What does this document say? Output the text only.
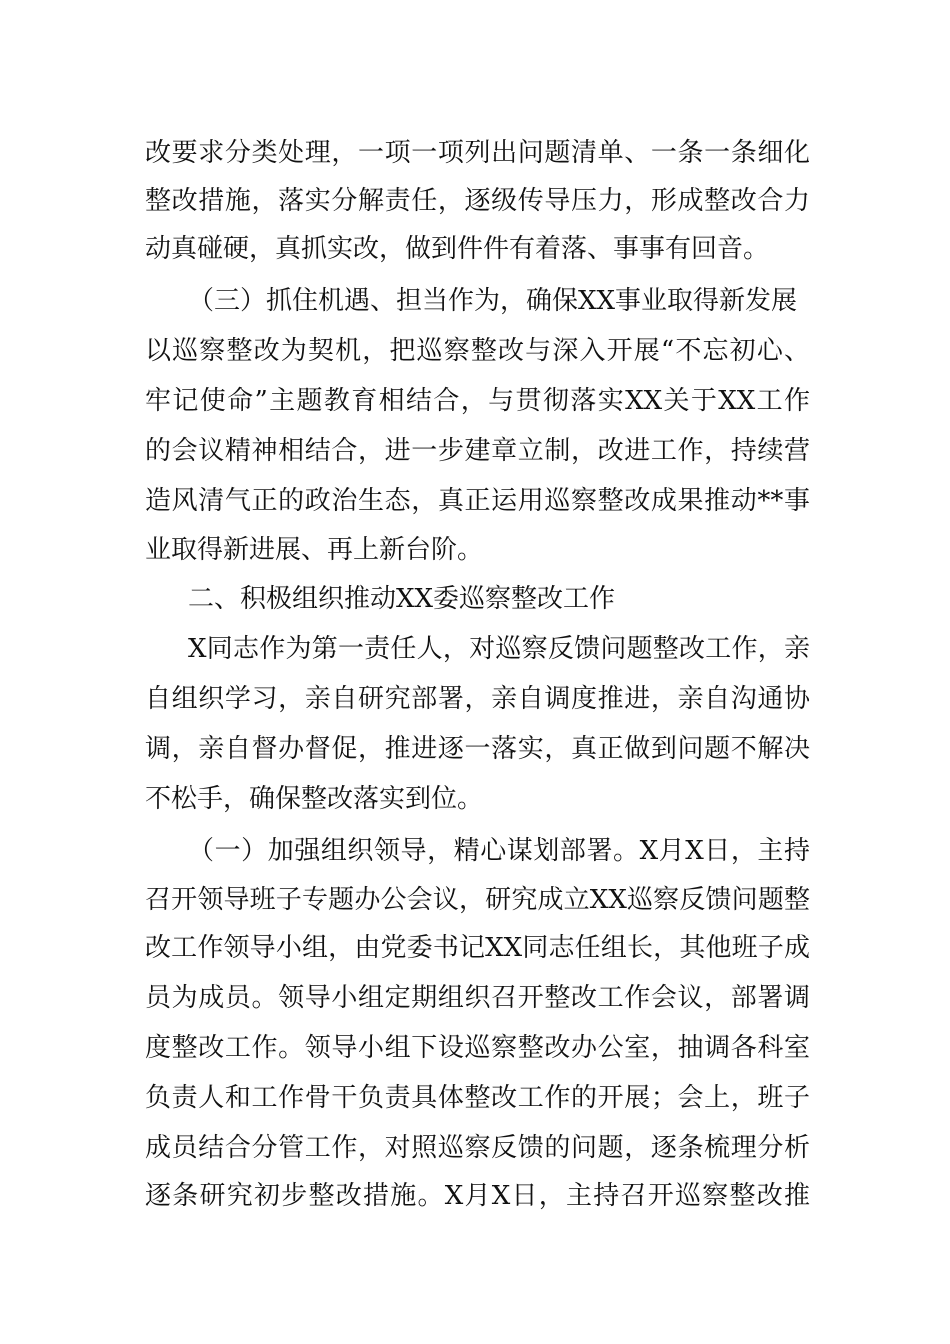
改要求分类处理，一项一项列出问题清单、一条一条细化
整改措施，落实分解责任，逐级传导压力，形成整改合力
动真碰硬，真抓实改，做到件件有着落、事事有回音。
（三）抓住机遇、担当作为，确保XX事业取得新发展
以巡察整改为契机，把巡察整改与深入开展“不忘初心、
牢记使命”主题教育相结合，与贯彻落实XX关于XX工作
的会议精神相结合，进一步建章立制，改进工作，持续营
造风清气正的政治生态，真正运用巡察整改成果推动**事
业取得新进展、再上新台阶。
二、积极组织推动XX委巡察整改工作
X同志作为第一责任人，对巡察反馈问题整改工作，亲
自组织学习，亲自研究部署，亲自调度推进，亲自沟通协
调，亲自督办督促，推进逐一落实，真正做到问题不解决
不松手，确保整改落实到位。
（一）加强组织领导，精心谋划部署。X月X日，主持
召开领导班子专题办公会议，研究成立XX巡察反馈问题整
改工作领导小组，由党委书记XX同志任组长，其他班子成
员为成员。领导小组定期组织召开整改工作会议，部署调
度整改工作。领导小组下设巡察整改办公室，抽调各科室
负责人和工作骨干负责具体整改工作的开展；会上，班子
成员结合分管工作，对照巡察反馈的问题，逐条梳理分析
逐条研究初步整改措施。X月X日，主持召开巡察整改推
